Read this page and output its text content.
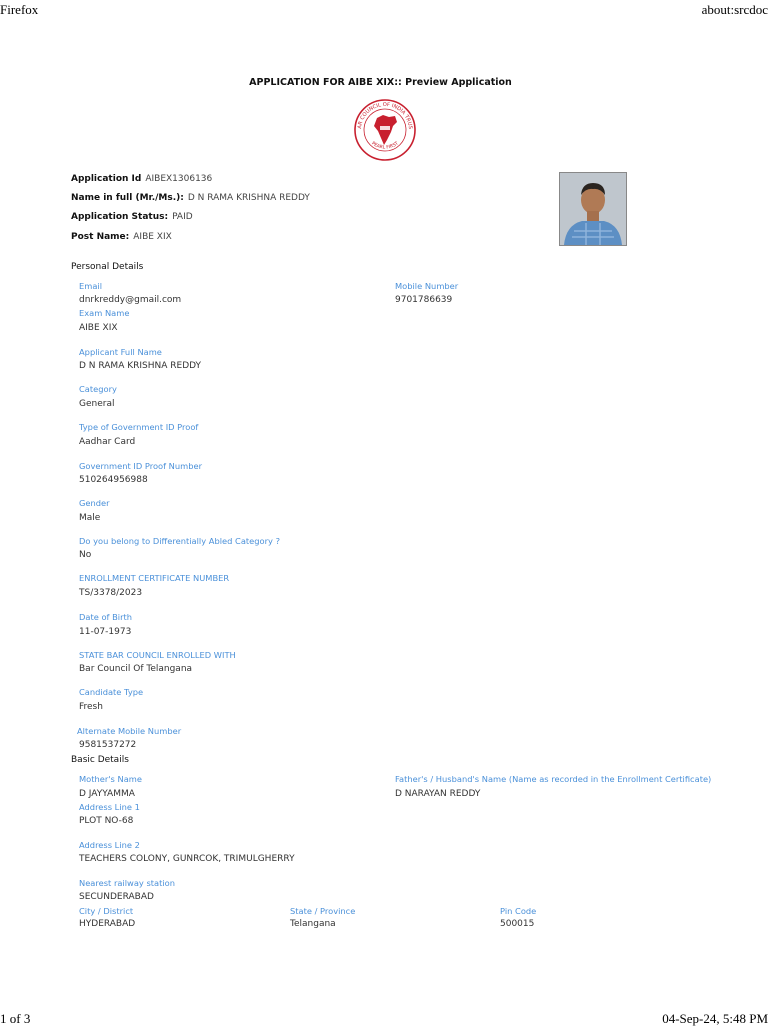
Firefox	about:srcdoc
APPLICATION FOR AIBE XIX:: Preview Application
AR COUNCIL OF INDIA TRUS
PEARL FIRST
Application Id AIBEX1306136
Name in full (Mr./Ms.): D N RAMA KRISHNA REDDY
Application Status: PAID
Post Name: AIBE XIX
Personal Details
Email
dnrkreddy@gmail.com
Mobile Number
9701786639
Exam Name
AIBE XIX
Applicant Full Name
D N RAMA KRISHNA REDDY
Category
General
Type of Government ID Proof
Aadhar Card
Government ID Proof Number
510264956988
Gender
Male
Do you belong to Differentially Abled Category ?
No
ENROLLMENT CERTIFICATE NUMBER
TS/3378/2023
Date of Birth
11-07-1973
STATE BAR COUNCIL ENROLLED WITH
Bar Council Of Telangana
Candidate Type
Fresh
Alternate Mobile Number
9581537272
Basic Details
Mother's Name
D JAYYAMMA
Father's / Husband's Name (Name as recorded in the Enrollment Certificate)
D NARAYAN REDDY
Address Line 1
PLOT NO-68
Address Line 2
TEACHERS COLONY, GUNRCOK, TRIMULGHERRY
Nearest railway station
SECUNDERABAD
City / District
HYDERABAD
State / Province
Telangana
Pin Code
500015
1 of 3	04-Sep-24, 5:48 PM
